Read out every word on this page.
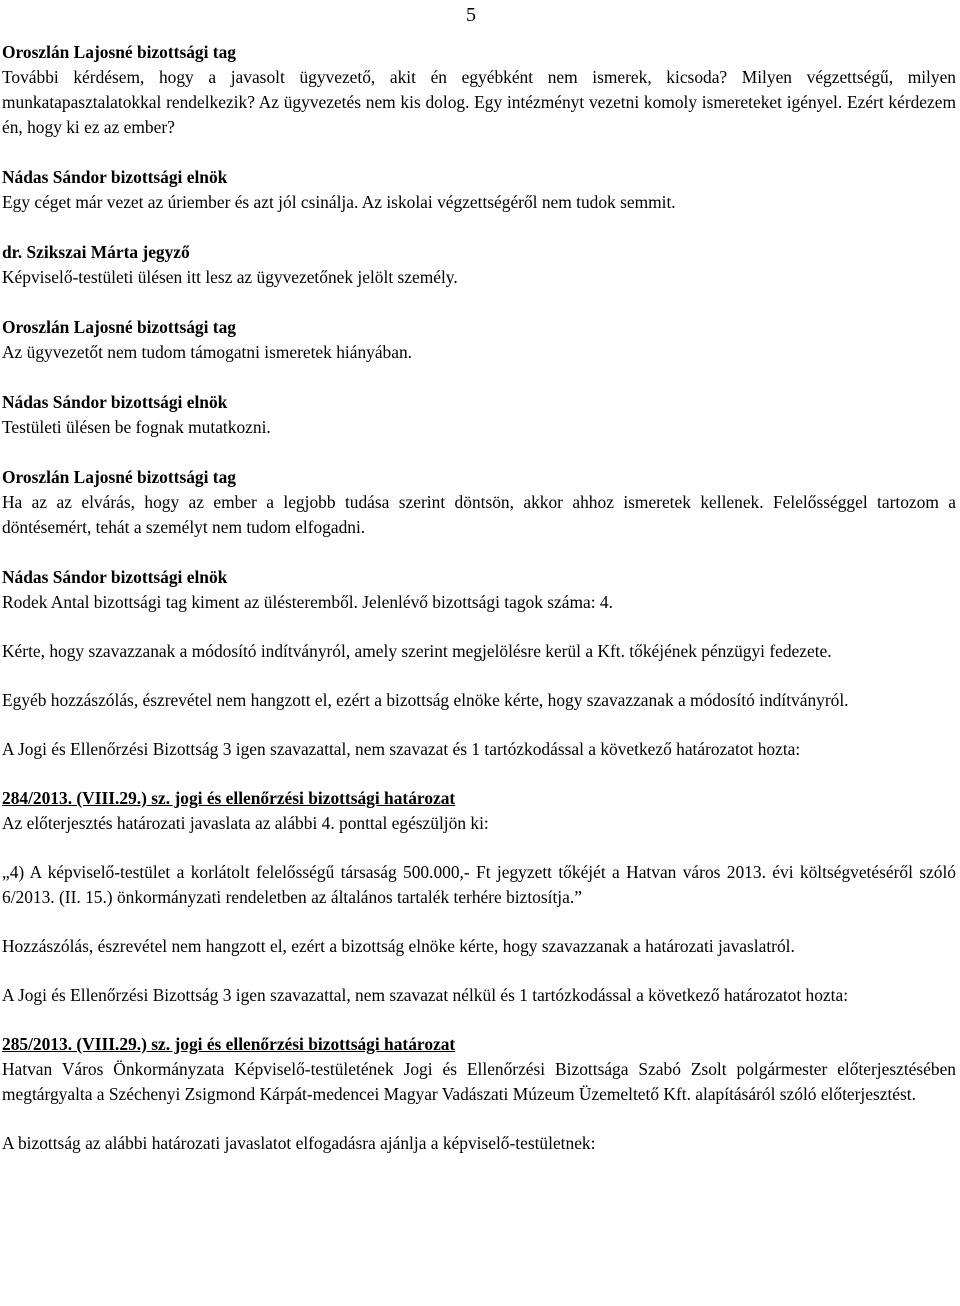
5

Oroszlán Lajosné bizottsági tag

További kérdésem, hogy a javasolt ügyvezető, akit én egyébként nem ismerek, kicsoda? Milyen végzettségű, milyen munkatapasztalatokkal rendelkezik? Az ügyvezetés nem kis dolog. Egy intézményt vezetni komoly ismereteket igényel. Ezért kérdezem én, hogy ki ez az ember?

Nádas Sándor bizottsági elnök

Egy céget már vezet az úriember és azt jól csinálja. Az iskolai végzettségéről nem tudok semmit.

dr. Szikszai Márta jegyző

Képviselő-testületi ülésen itt lesz az ügyvezetőnek jelölt személy.

Oroszlán Lajosné bizottsági tag

Az ügyvezetőt nem tudom támogatni ismeretek hiányában.

Nádas Sándor bizottsági elnök

Testületi ülésen be fognak mutatkozni.

Oroszlán Lajosné bizottsági tag

Ha az az elvárás, hogy az ember a legjobb tudása szerint döntsön, akkor ahhoz ismeretek kellenek. Felelősséggel tartozom a döntésemért, tehát a személyt nem tudom elfogadni.

Nádas Sándor bizottsági elnök

Rodek Antal bizottsági tag kiment az ülésteremből. Jelenlévő bizottsági tagok száma: 4.

Kérte, hogy szavazzanak a módosító indítványról, amely szerint megjelölésre kerül a Kft. tőkéjének pénzügyi fedezete.

Egyéb hozzászólás, észrevétel nem hangzott el, ezért a bizottság elnöke kérte, hogy szavazzanak a módosító indítványról.

A Jogi és Ellenőrzési Bizottság 3 igen szavazattal, nem szavazat és 1 tartózkodással a következő határozatot hozta:

284/2013. (VIII.29.) sz. jogi és ellenőrzési bizottsági határozat

Az előterjesztés határozati javaslata az alábbi 4. ponttal egészüljön ki:

„4) A képviselő-testület a korlátolt felelősségű társaság 500.000,- Ft jegyzett tőkéjét a Hatvan város 2013. évi költségvetéséről szóló 6/2013. (II. 15.) önkormányzati rendeletben az általános tartalék terhére biztosítja.”

Hozzászólás, észrevétel nem hangzott el, ezért a bizottság elnöke kérte, hogy szavazzanak a határozati javaslatról.

A Jogi és Ellenőrzési Bizottság 3 igen szavazattal, nem szavazat nélkül és 1 tartózkodással a következő határozatot hozta:

285/2013. (VIII.29.) sz. jogi és ellenőrzési bizottsági határozat

Hatvan Város Önkormányzata Képviselő-testületének Jogi és Ellenőrzési Bizottsága Szabó Zsolt polgármester előterjesztésében megtárgyalta a Széchenyi Zsigmond Kárpát-medencei Magyar Vadászati Múzeum Üzemeltető Kft. alapításáról szóló előterjesztést.

A bizottság az alábbi határozati javaslatot elfogadásra ajánlja a képviselő-testületnek:
